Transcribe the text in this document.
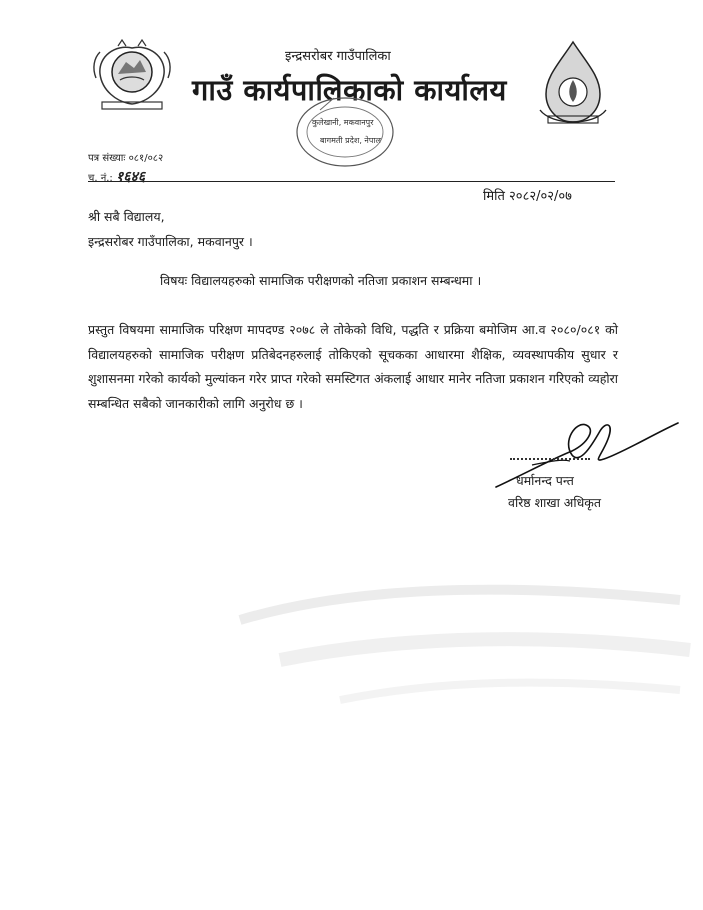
इन्द्रसरोबर गाउँपालिका
गाउँ कार्यपालिकाको कार्यालय
कुलेखानी, मकवानपुर
बागमती प्रदेश, नेपाल
पत्र संख्याः ०८१/०८२
च. नं.: १६४६
मिति २०८२/०२/०७
श्री सबै विद्यालय,
इन्द्रसरोबर गाउँपालिका, मकवानपुर ।
विषयः विद्यालयहरुको सामाजिक परीक्षणको नतिजा प्रकाशन सम्बन्धमा ।
प्रस्तुत विषयमा सामाजिक परिक्षण मापदण्ड २०७८ ले तोकेको विधि, पद्धति र प्रक्रिया बमोजिम आ.व २०८०/०८१ को विद्यालयहरुको सामाजिक परीक्षण प्रतिबेदनहरुलाई तोकिएको सूचकका आधारमा शैक्षिक, व्यवस्थापकीय सुधार र शुशासनमा गरेको कार्यको मुल्यांकन गरेर प्राप्त गरेको समस्टिगत अंकलाई आधार मानेर नतिजा प्रकाशन गरिएको व्यहोरा सम्बन्धित सबैको जानकारीको लागि अनुरोध छ ।
धर्मानन्द पन्त
वरिष्ठ शाखा अधिकृत
